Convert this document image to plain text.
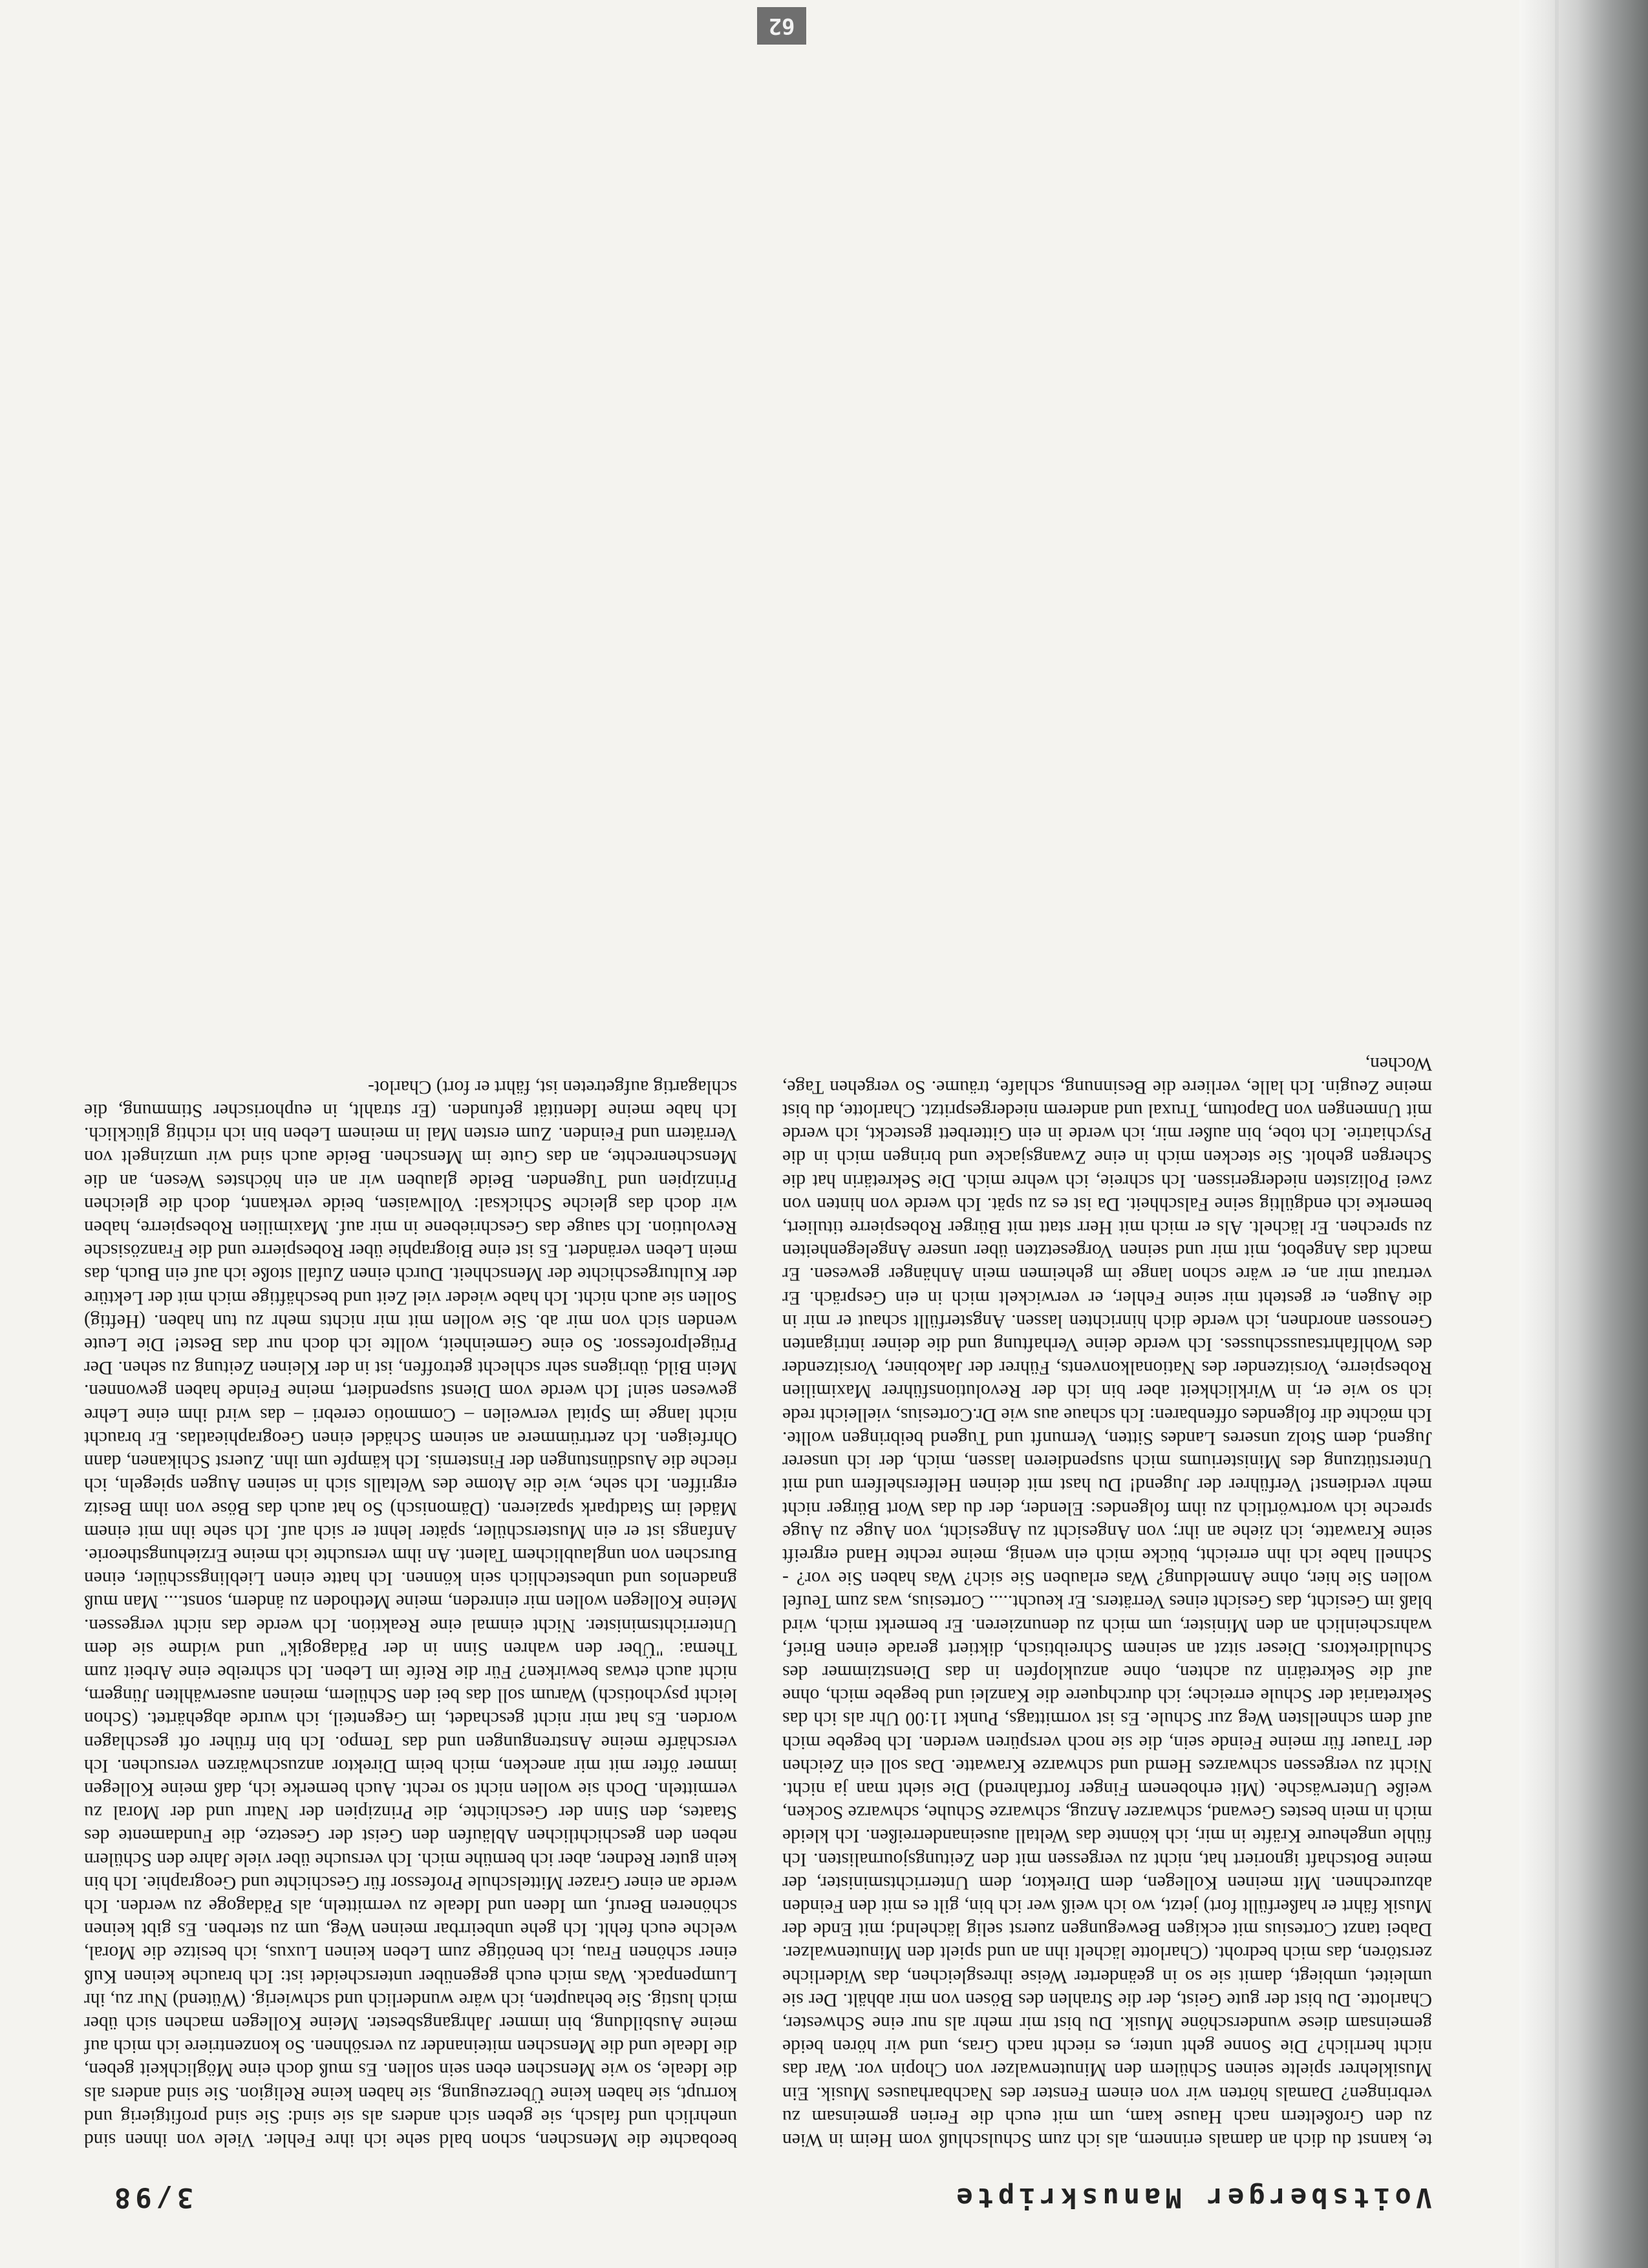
Voitsberger Manuskripte
3/98

te, kannst du dich an damals erinnern, als ich zum Schulschluß vom Heim in Wien zu den Großeltern nach Hause kam, um mit euch die Ferien gemeinsam zu verbringen? Damals hörten wir von einem Fenster des Nachbarhauses Musik. Ein Musiklehrer spielte seinen Schülern den Minutenwalzer von Chopin vor. War das nicht herrlich? Die Sonne geht unter, es riecht nach Gras, und wir hören beide gemeinsam diese wunderschöne Musik. Du bist mir mehr als nur eine Schwester, Charlotte. Du bist der gute Geist, der die Strahlen des Bösen von mir abhält. Der sie umleitet, umbiegt, damit sie so in geänderter Weise ihresgleichen, das Widerliche zerstören, das mich bedroht. (Charlotte lächelt ihn an und spielt den Minutenwalzer. Dabei tanzt Cortesius mit eckigen Bewegungen zuerst selig lächelnd; mit Ende der Musik fährt er haßerfüllt fort) jetzt, wo ich weiß wer ich bin, gilt es mit den Feinden abzurechnen. Mit meinen Kollegen, dem Direktor, dem Unterrichtsminister, der meine Botschaft ignoriert hat, nicht zu vergessen mit den Zeitungsjournalisten. Ich fühle ungeheure Kräfte in mir, ich könnte das Weltall auseinanderreißen. Ich kleide mich in mein bestes Gewand, schwarzer Anzug, schwarze Schuhe, schwarze Socken, weiße Unterwäsche. (Mit erhobenem Finger fortfahrend) Die sieht man ja nicht. Nicht zu vergessen schwarzes Hemd und schwarze Krawatte. Das soll ein Zeichen der Trauer für meine Feinde sein, die sie noch verspüren werden. Ich begebe mich auf dem schnellsten Weg zur Schule. Es ist vormittags, Punkt 11:00 Uhr als ich das Sekretariat der Schule erreiche; ich durchquere die Kanzlei und begebe mich, ohne auf die Sekretärin zu achten, ohne anzuklopfen in das Dienstzimmer des Schuldirektors. Dieser sitzt an seinem Schreibtisch, diktiert gerade einen Brief, wahrscheinlich an den Minister, um mich zu denunzieren. Er bemerkt mich, wird blaß im Gesicht, das Gesicht eines Verräters. Er keucht..... Cortesius, was zum Teufel wollen Sie hier, ohne Anmeldung? Was erlauben Sie sich? Was haben Sie vor? - Schnell habe ich ihn erreicht, bücke mich ein wenig, meine rechte Hand ergreift seine Krawatte, ich ziehe an ihr; von Angesicht zu Angesicht, von Auge zu Auge spreche ich wortwörtlich zu ihm folgendes: Elender, der du das Wort Bürger nicht mehr verdienst! Verführer der Jugend! Du hast mit deinen Helfershelfern und mit Unterstützung des Ministeriums mich suspendieren lassen, mich, der ich unserer Jugend, dem Stolz unseres Landes Sitten, Vernunft und Tugend beibringen wollte. Ich möchte dir folgendes offenbaren: Ich schaue aus wie Dr.Cortesius, vielleicht rede ich so wie er, in Wirklichkeit aber bin ich der Revolutionsführer Maximilien Robespierre, Vorsitzender des Nationalkonvents, Führer der Jakobiner, Vorsitzender des Wohlfahrtsausschusses. Ich werde deine Verhaftung und die deiner intriganten Genossen anordnen, ich werde dich hinrichten lassen. Angsterfüllt schaut er mir in die Augen, er gesteht mir seine Fehler, er verwickelt mich in ein Gespräch. Er vertraut mir an, er wäre schon lange im geheimen mein Anhänger gewesen. Er macht das Angebot, mit mir und seinen Vorgesetzten über unsere Angelegenheiten zu sprechen. Er lächelt. Als er mich mit Herr statt mit Bürger Robespierre tituliert, bemerke ich endgültig seine Falschheit. Da ist es zu spät. Ich werde von hinten von zwei Polizisten niedergerissen. Ich schreie, ich wehre mich. Die Sekretärin hat die Schergen geholt. Sie stecken mich in eine Zwangsjacke und bringen mich in die Psychiatrie. Ich tobe, bin außer mir, ich werde in ein Gitterbett gesteckt, ich werde mit Unmengen von Dapotum, Truxal und anderem niedergespritzt. Charlotte, du bist meine Zeugin. Ich lalle, verliere die Besinnung, schlafe, träume. So vergehen Tage, Wochen,

beobachte die Menschen, schon bald sehe ich ihre Fehler. Viele von ihnen sind unehrlich und falsch, sie geben sich anders als sie sind: Sie sind profitgierig und korrupt, sie haben keine Überzeugung, sie haben keine Religion. Sie sind anders als die Ideale, so wie Menschen eben sein sollen. Es muß doch eine Möglichkeit geben, die Ideale und die Menschen miteinander zu versöhnen. So konzentriere ich mich auf meine Ausbildung, bin immer Jahrgangsbester. Meine Kollegen machen sich über mich lustig. Sie behaupten, ich wäre wunderlich und schwierig. (Wütend) Nur zu, ihr Lumpenpack. Was mich euch gegenüber unterscheidet ist: Ich brauche keinen Kuß einer schönen Frau, ich benötige zum Leben keinen Luxus, ich besitze die Moral, welche euch fehlt. Ich gehe unbeirrbar meinen Weg, um zu sterben. Es gibt keinen schöneren Beruf, um Ideen und Ideale zu vermitteln, als Pädagoge zu werden. Ich werde an einer Grazer Mittelschule Professor für Geschichte und Geographie. Ich bin kein guter Redner, aber ich bemühe mich. Ich versuche über viele Jahre den Schülern neben den geschichtlichen Abläufen den Geist der Gesetze, die Fundamente des Staates, den Sinn der Geschichte, die Prinzipien der Natur und der Moral zu vermitteln. Doch sie wollen nicht so recht. Auch bemerke ich, daß meine Kollegen immer öfter mit mir anecken, mich beim Direktor anzuschwärzen versuchen. Ich verschärfe meine Anstrengungen und das Tempo. Ich bin früher oft geschlagen worden. Es hat mir nicht geschadet, im Gegenteil, ich wurde abgehärtet. (Schon leicht psychotisch) Warum soll das bei den Schülern, meinen auserwählten Jüngern, nicht auch etwas bewirken? Für die Reife im Leben. Ich schreibe eine Arbeit zum Thema: "Über den wahren Sinn in der Pädagogik" und widme sie dem Unterrichtsminister. Nicht einmal eine Reaktion. Ich werde das nicht vergessen. Meine Kollegen wollen mir einreden, meine Methoden zu ändern, sonst.... Man muß gnadenlos und unbestechlich sein können. Ich hatte einen Lieblingsschüler, einen Burschen von unglaublichem Talent. An ihm versuchte ich meine Erziehungstheorie. Anfangs ist er ein Musterschüler, später lehnt er sich auf. Ich sehe ihn mit einem Mädel im Stadtpark spazieren. (Dämonisch) So hat auch das Böse von ihm Besitz ergriffen. Ich sehe, wie die Atome des Weltalls sich in seinen Augen spiegeln, ich rieche die Ausdünstungen der Finsternis. Ich kämpfe um ihn. Zuerst Schikanen, dann Ohrfeigen. Ich zertrümmere an seinem Schädel einen Geographieatlas. Er braucht nicht lange im Spital verweilen – Commotio cerebri – das wird ihm eine Lehre gewesen sein! Ich werde vom Dienst suspendiert, meine Feinde haben gewonnen. Mein Bild, übrigens sehr schlecht getroffen, ist in der Kleinen Zeitung zu sehen. Der Prügelprofessor. So eine Gemeinheit, wollte ich doch nur das Beste! Die Leute wenden sich von mir ab. Sie wollen mit mir nichts mehr zu tun haben. (Heftig) Sollen sie auch nicht. Ich habe wieder viel Zeit und beschäftige mich mit der Lektüre der Kulturgeschichte der Menschheit. Durch einen Zufall stoße ich auf ein Buch, das mein Leben verändert. Es ist eine Biographie über Robespierre und die Französische Revolution. Ich sauge das Geschriebene in mir auf. Maximilien Robespierre, haben wir doch das gleiche Schicksal: Vollwaisen, beide verkannt, doch die gleichen Prinzipien und Tugenden. Beide glauben wir an ein höchstes Wesen, an die Menschenrechte, an das Gute im Menschen. Beide auch sind wir umzingelt von Verrätern und Feinden. Zum ersten Mal in meinem Leben bin ich richtig glücklich. Ich habe meine Identität gefunden. (Er strahlt, in euphorischer Stimmung, die schlagartig aufgetreten ist, fährt er fort) Charlot-

62
